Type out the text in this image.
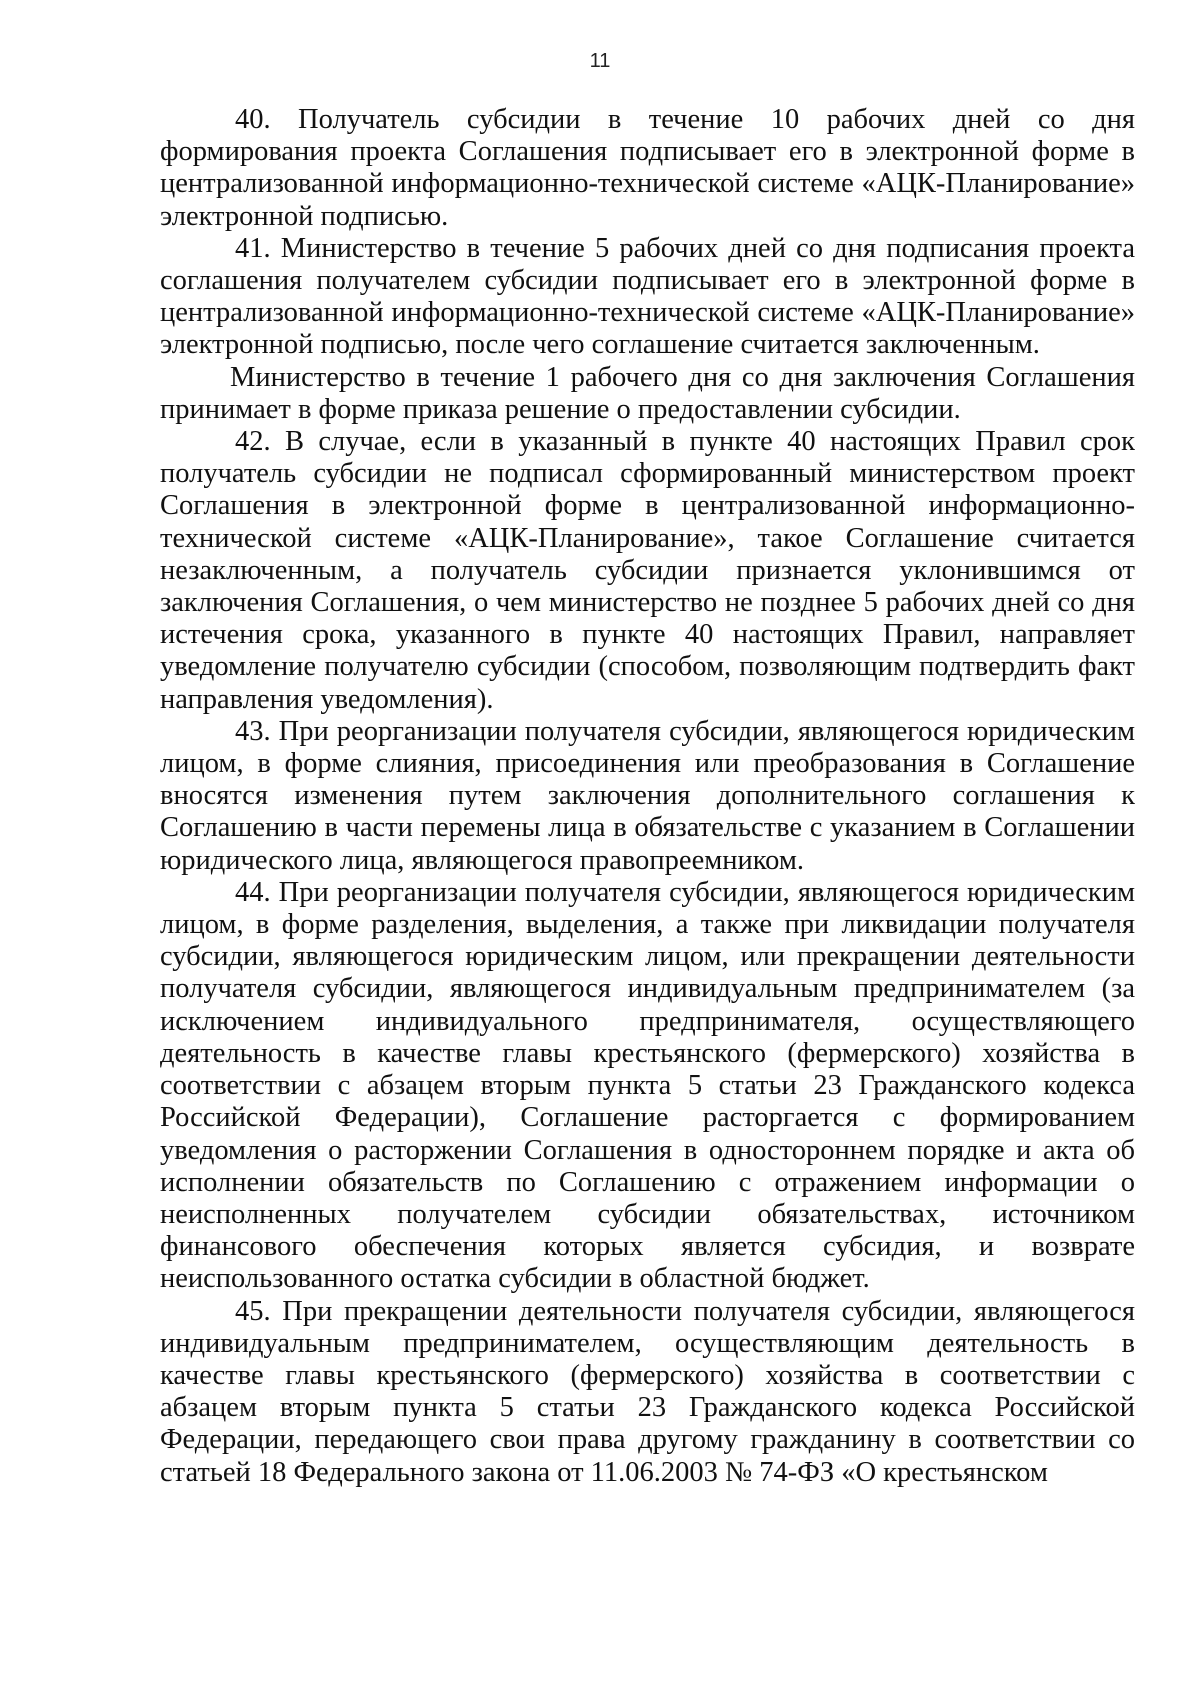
11

40. Получатель субсидии в течение 10 рабочих дней со дня формирования проекта Соглашения подписывает его в электронной форме в централизованной информационно-технической системе «АЦК-Планирование» электронной подписью.

41. Министерство в течение 5 рабочих дней со дня подписания проекта соглашения получателем субсидии подписывает его в электронной форме в централизованной информационно-технической системе «АЦК-Планирование» электронной подписью, после чего соглашение считается заключенным.

Министерство в течение 1 рабочего дня со дня заключения Соглашения принимает в форме приказа решение о предоставлении субсидии.

42. В случае, если в указанный в пункте 40 настоящих Правил срок получатель субсидии не подписал сформированный министерством проект Соглашения в электронной форме в централизованной информационно-технической системе «АЦК-Планирование», такое Соглашение считается незаключенным, а получатель субсидии признается уклонившимся от заключения Соглашения, о чем министерство не позднее 5 рабочих дней со дня истечения срока, указанного в пункте 40 настоящих Правил, направляет уведомление получателю субсидии (способом, позволяющим подтвердить факт направления уведомления).

43. При реорганизации получателя субсидии, являющегося юридическим лицом, в форме слияния, присоединения или преобразования в Соглашение вносятся изменения путем заключения дополнительного соглашения к Соглашению в части перемены лица в обязательстве с указанием в Соглашении юридического лица, являющегося правопреемником.

44. При реорганизации получателя субсидии, являющегося юридическим лицом, в форме разделения, выделения, а также при ликвидации получателя субсидии, являющегося юридическим лицом, или прекращении деятельности получателя субсидии, являющегося индивидуальным предпринимателем (за исключением индивидуального предпринимателя, осуществляющего деятельность в качестве главы крестьянского (фермерского) хозяйства в соответствии с абзацем вторым пункта 5 статьи 23 Гражданского кодекса Российской Федерации), Соглашение расторгается с формированием уведомления о расторжении Соглашения в одностороннем порядке и акта об исполнении обязательств по Соглашению с отражением информации о неисполненных получателем субсидии обязательствах, источником финансового обеспечения которых является субсидия, и возврате неиспользованного остатка субсидии в областной бюджет.

45. При прекращении деятельности получателя субсидии, являющегося индивидуальным предпринимателем, осуществляющим деятельность в качестве главы крестьянского (фермерского) хозяйства в соответствии с абзацем вторым пункта 5 статьи 23 Гражданского кодекса Российской Федерации, передающего свои права другому гражданину в соответствии со статьей 18 Федерального закона от 11.06.2003 № 74-ФЗ «О крестьянском
